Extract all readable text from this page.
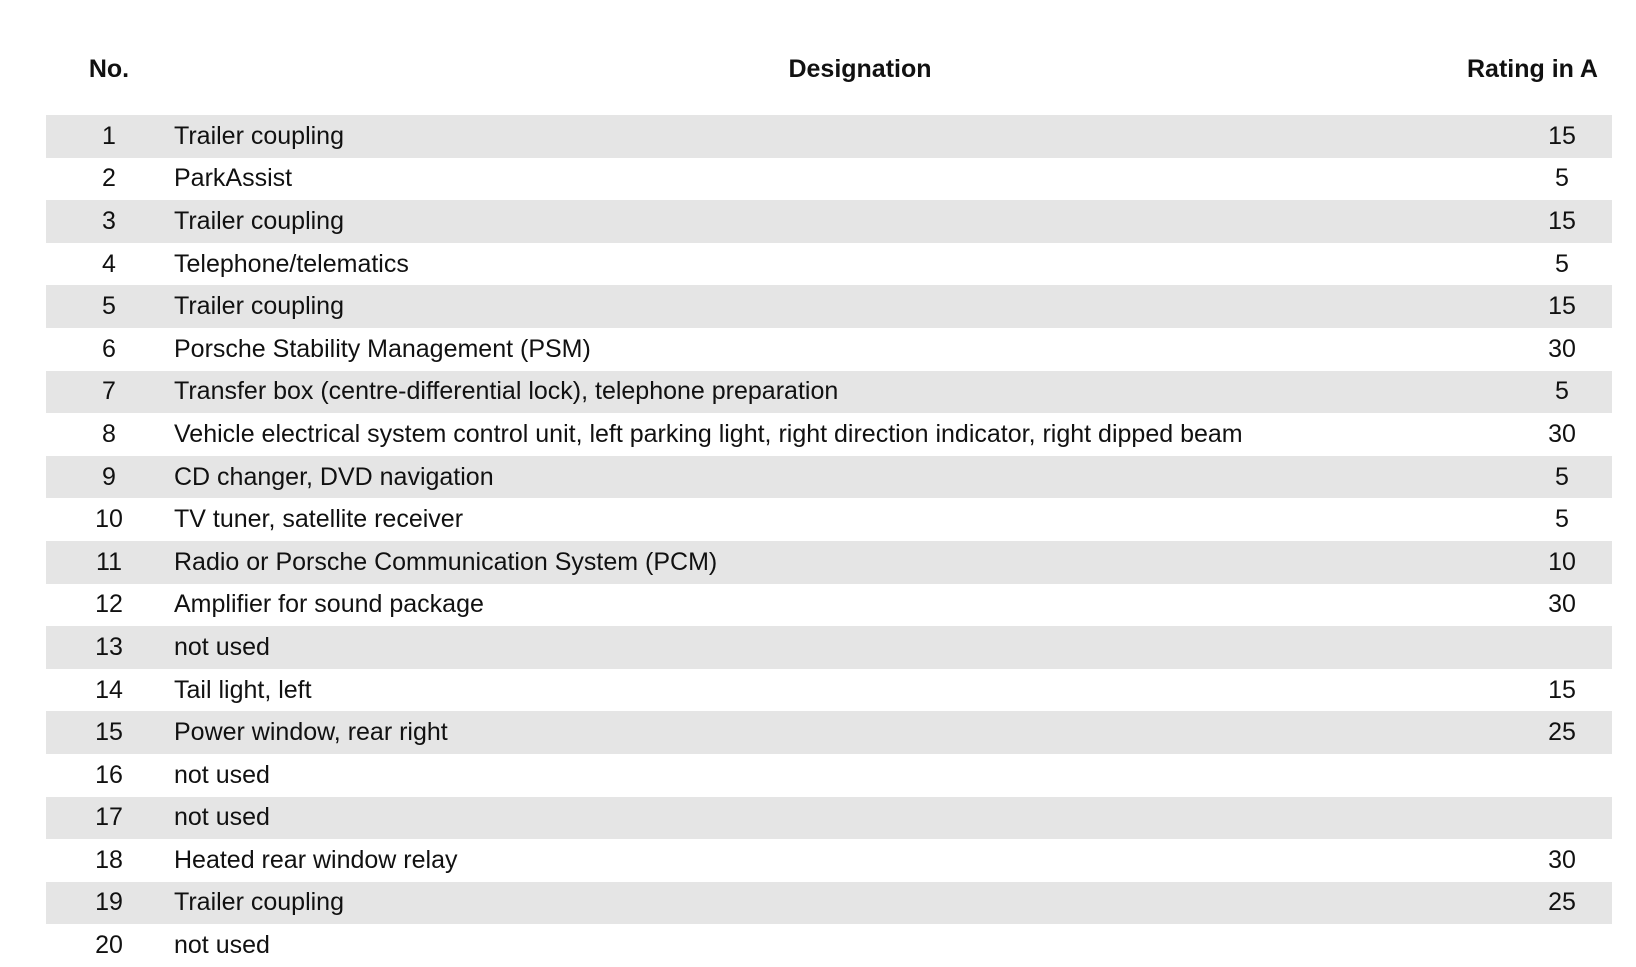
No.	Designation	Rating in A
1	Trailer coupling	15
2	ParkAssist	5
3	Trailer coupling	15
4	Telephone/telematics	5
5	Trailer coupling	15
6	Porsche Stability Management (PSM)	30
7	Transfer box (centre-differential lock), telephone preparation	5
8	Vehicle electrical system control unit, left parking light, right direction indicator, right dipped beam	30
9	CD changer, DVD navigation	5
10	TV tuner, satellite receiver	5
11	Radio or Porsche Communication System (PCM)	10
12	Amplifier for sound package	30
13	not used
14	Tail light, left	15
15	Power window, rear right	25
16	not used
17	not used
18	Heated rear window relay	30
19	Trailer coupling	25
20	not used
